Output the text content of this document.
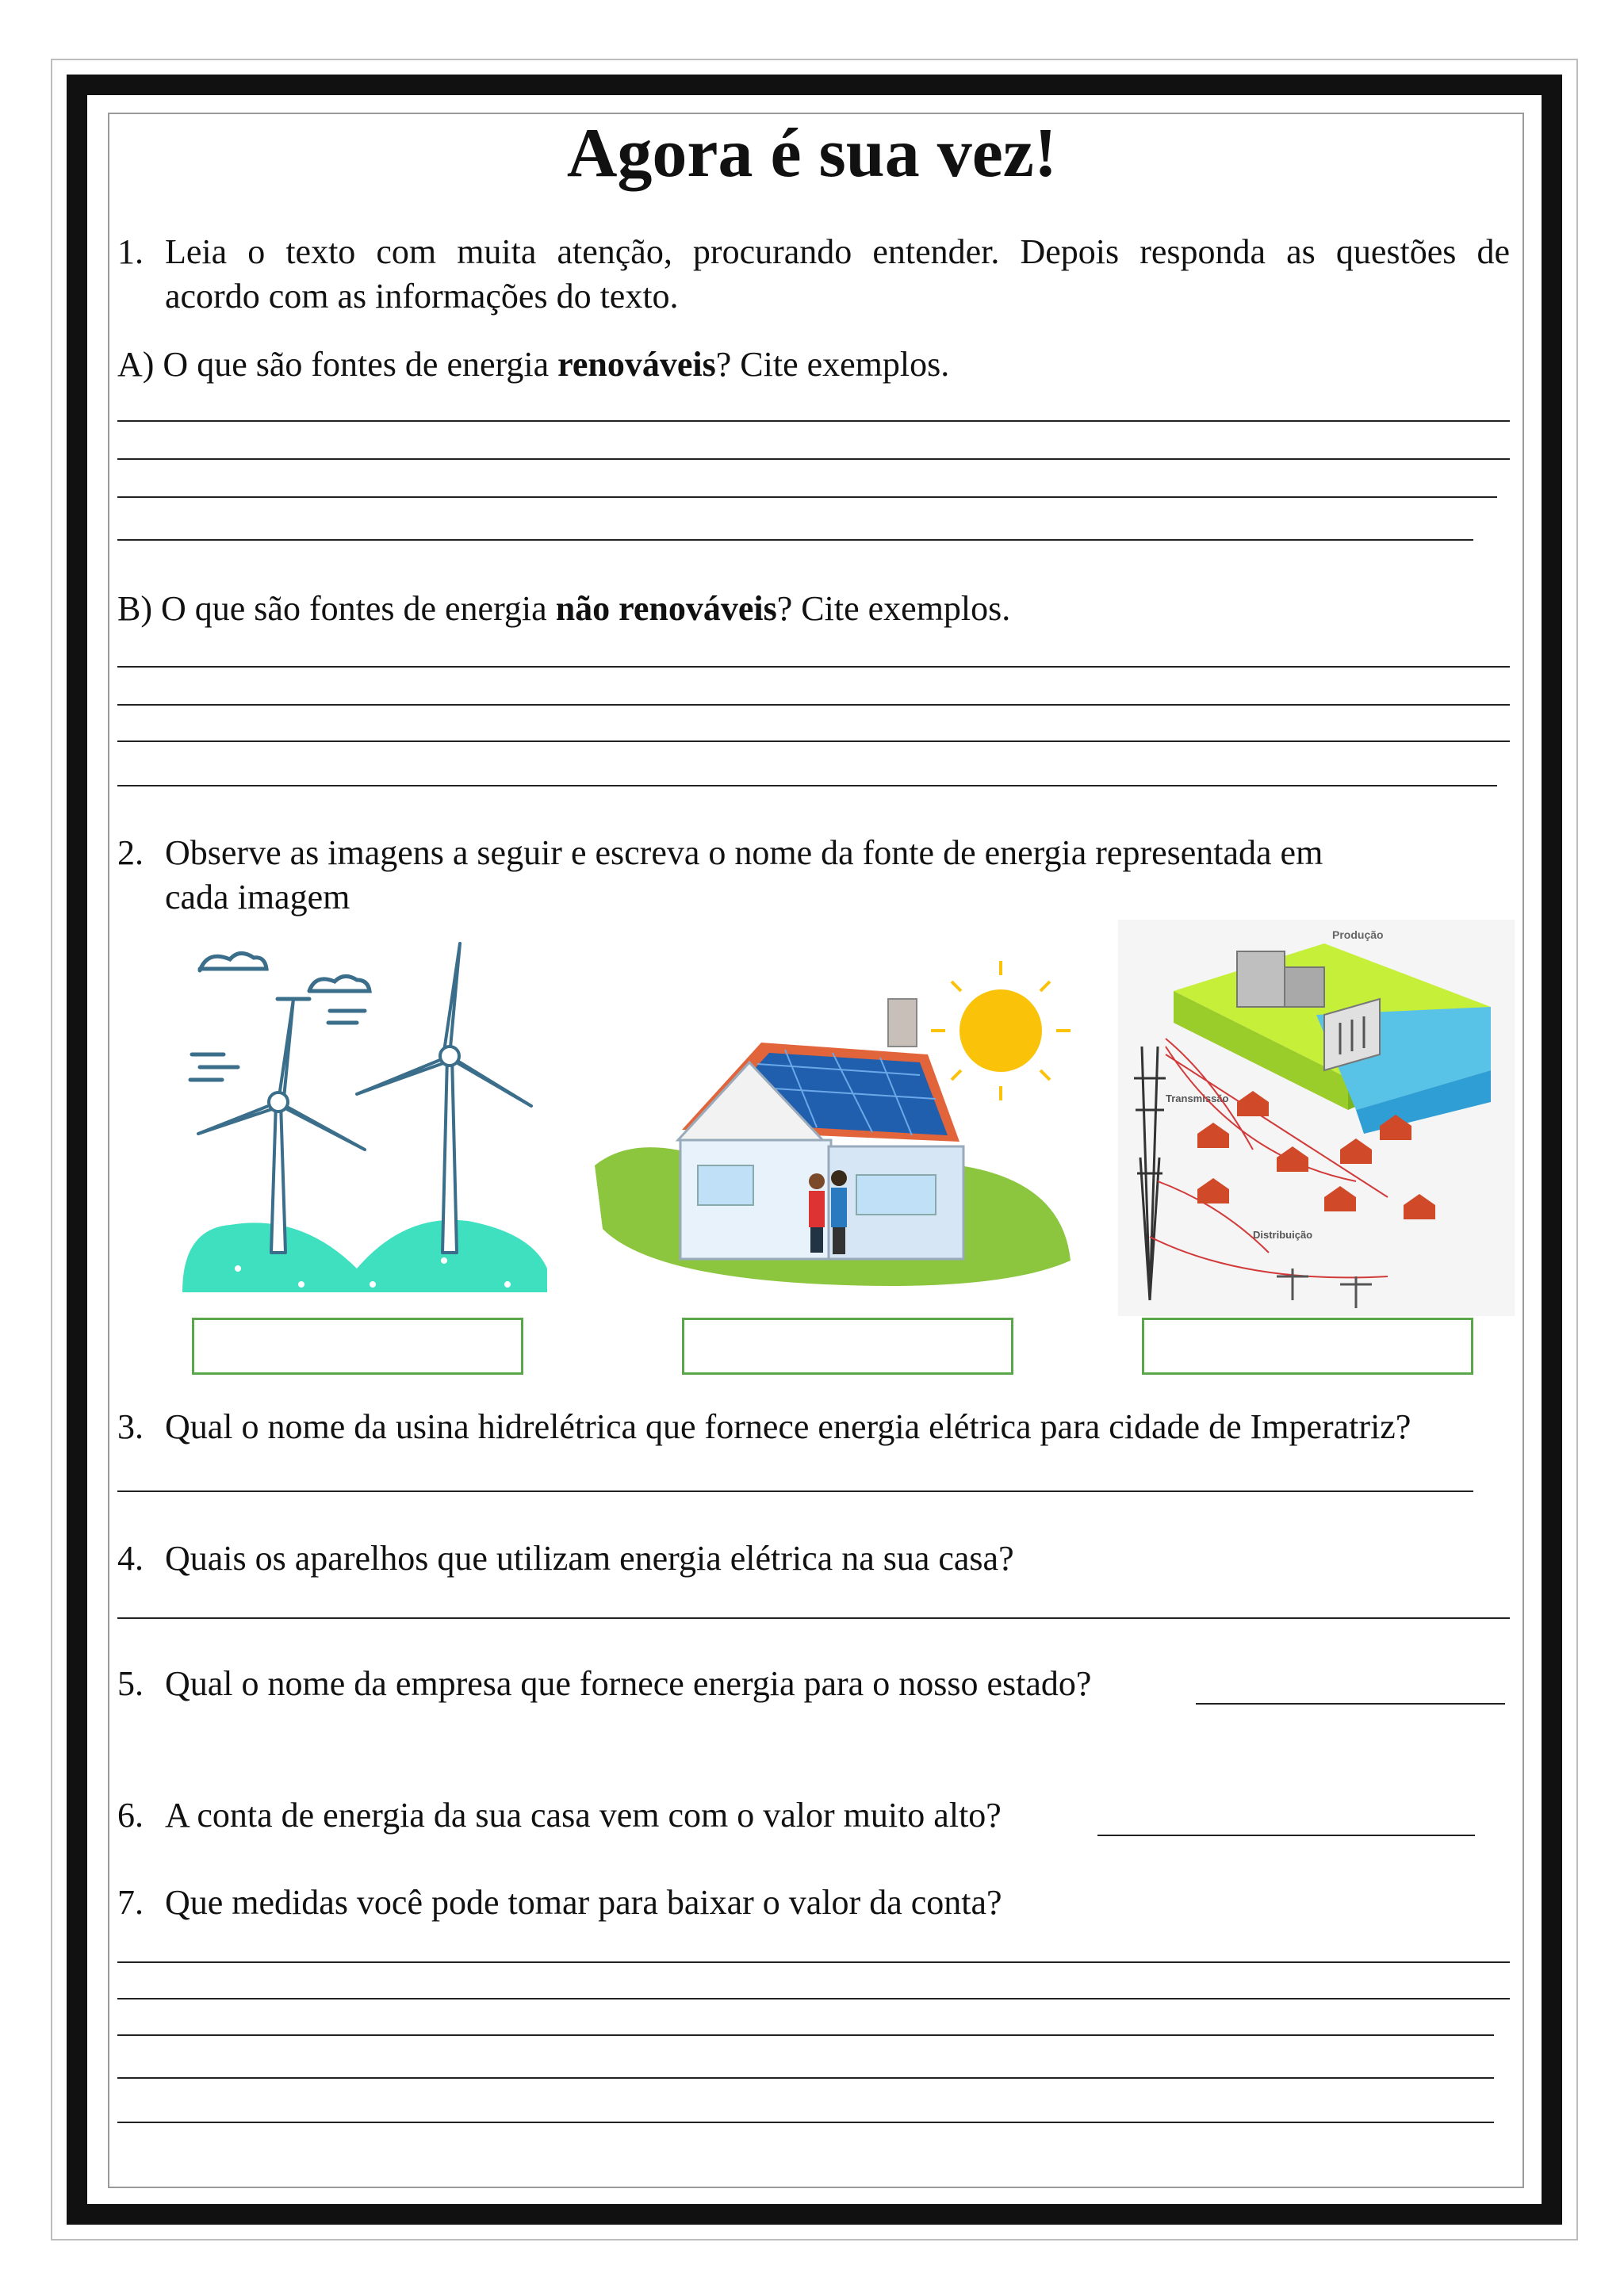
Agora é sua vez!
1. Leia o texto com muita atenção, procurando entender. Depois responda as questões de
acordo com as informações do texto.
A) O que são fontes de energia renováveis? Cite exemplos.
B) O que são fontes de energia não renováveis? Cite exemplos.
2. Observe as imagens a seguir e escreva o nome da fonte de energia representada em
cada imagem
Produção
Transmissão
Distribuição
3. Qual o nome da usina hidrelétrica que fornece energia elétrica para cidade de Imperatriz?
4. Quais os aparelhos que utilizam energia elétrica na sua casa?
5. Qual o nome da empresa que fornece energia para o nosso estado?
6. A conta de energia da sua casa vem com o valor muito alto?
7. Que medidas você pode tomar para baixar o valor da conta?
